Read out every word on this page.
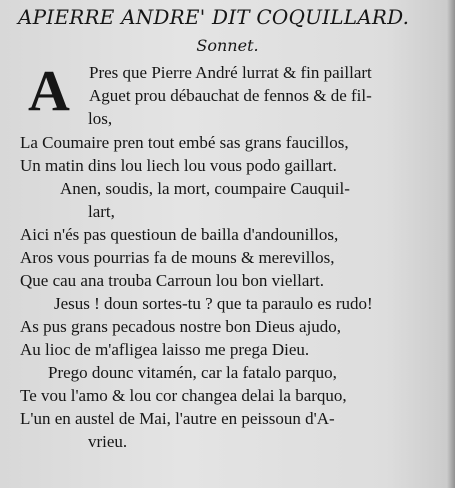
APIERRE ANDRE' DIT COQUILLARD.
Sonnet.
A Pres que Pierre André lurrat & fin paillart
Aguet prou débauchat de fennos & de fil-
los,
La Coumaire pren tout embé sas grans faucillos,
Un matin dins lou liech lou vous podo gaillart.
Anen, soudis, la mort, coumpaire Cauquil-
lart,
Aici n'és pas questioun de bailla d'andounillos,
Aros vous pourrias fa de mouns & merevillos,
Que cau ana trouba Carroun lou bon viellart.
Jesus ! doun sortes-tu ? que ta paraulo es rudo!
As pus grans pecadous nostre bon Dieus ajudo,
Au lioc de m'afligea laisso me prega Dieu.
Prego dounc vitamén, car la fatalo parquo,
Te vou l'amo & lou cor changea delai la barquo,
L'un en austel de Mai, l'autre en peissoun d'A-
vrieu.
